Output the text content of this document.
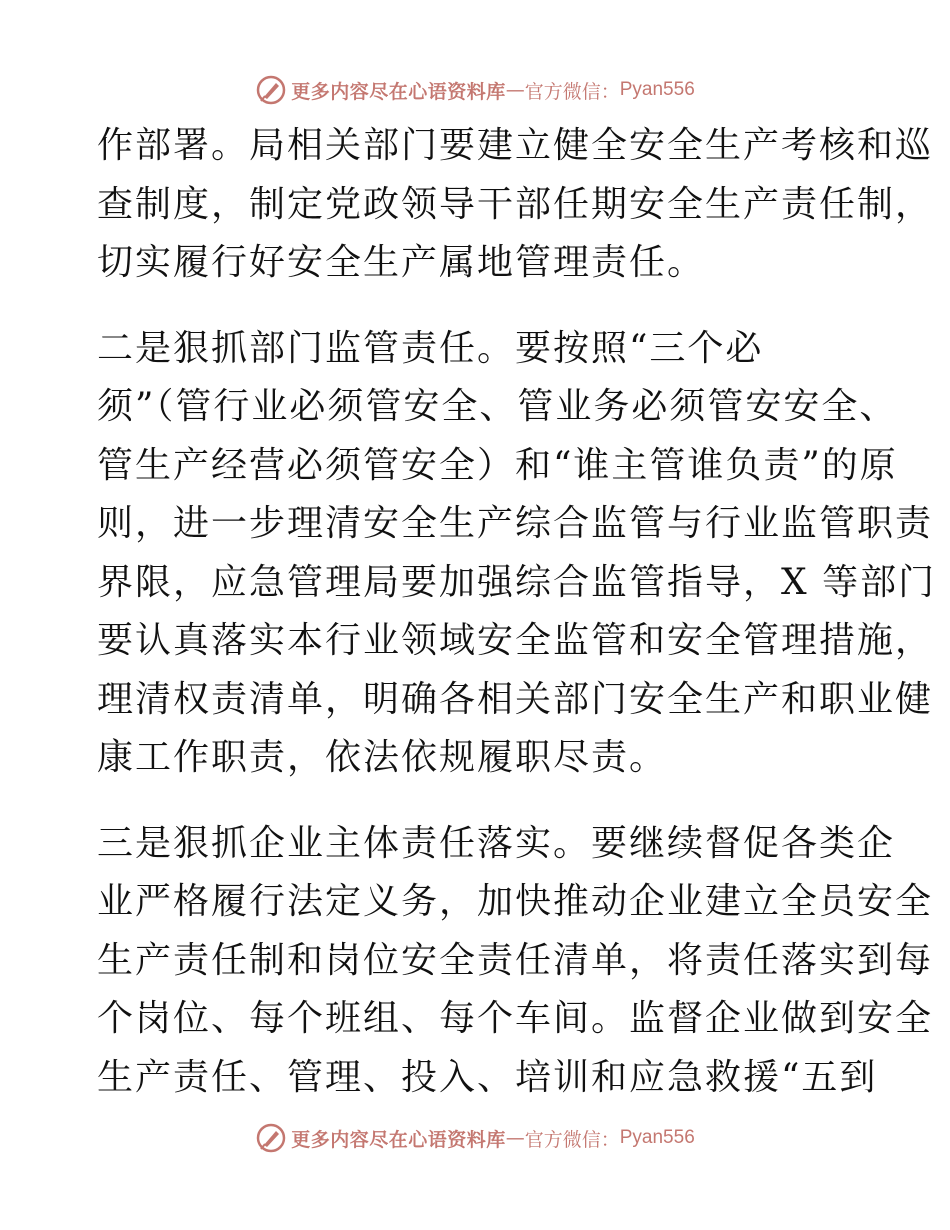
更多内容尽在心语资料库 — 官方微信： Pyan556

作部署。局相关部门要建立健全安全生产考核和巡

查制度，制定党政领导干部任期安全生产责任制，

切实履行好安全生产属地管理责任。

二是狠抓部门监管责任。要按照“三个必

须”（管行业必须管安全、管业务必须管安安全、

管生产经营必须管安全）和“谁主管谁负责”的原

则，进一步理清安全生产综合监管与行业监管职责

界限，应急管理局要加强综合监管指导，X 等部门

要认真落实本行业领域安全监管和安全管理措施，

理清权责清单，明确各相关部门安全生产和职业健

康工作职责，依法依规履职尽责。

三是狠抓企业主体责任落实。要继续督促各类企

业严格履行法定义务，加快推动企业建立全员安全

生产责任制和岗位安全责任清单，将责任落实到每

个岗位、每个班组、每个车间。监督企业做到安全

生产责任、管理、投入、培训和应急救援“五到

更多内容尽在心语资料库 — 官方微信： Pyan556
